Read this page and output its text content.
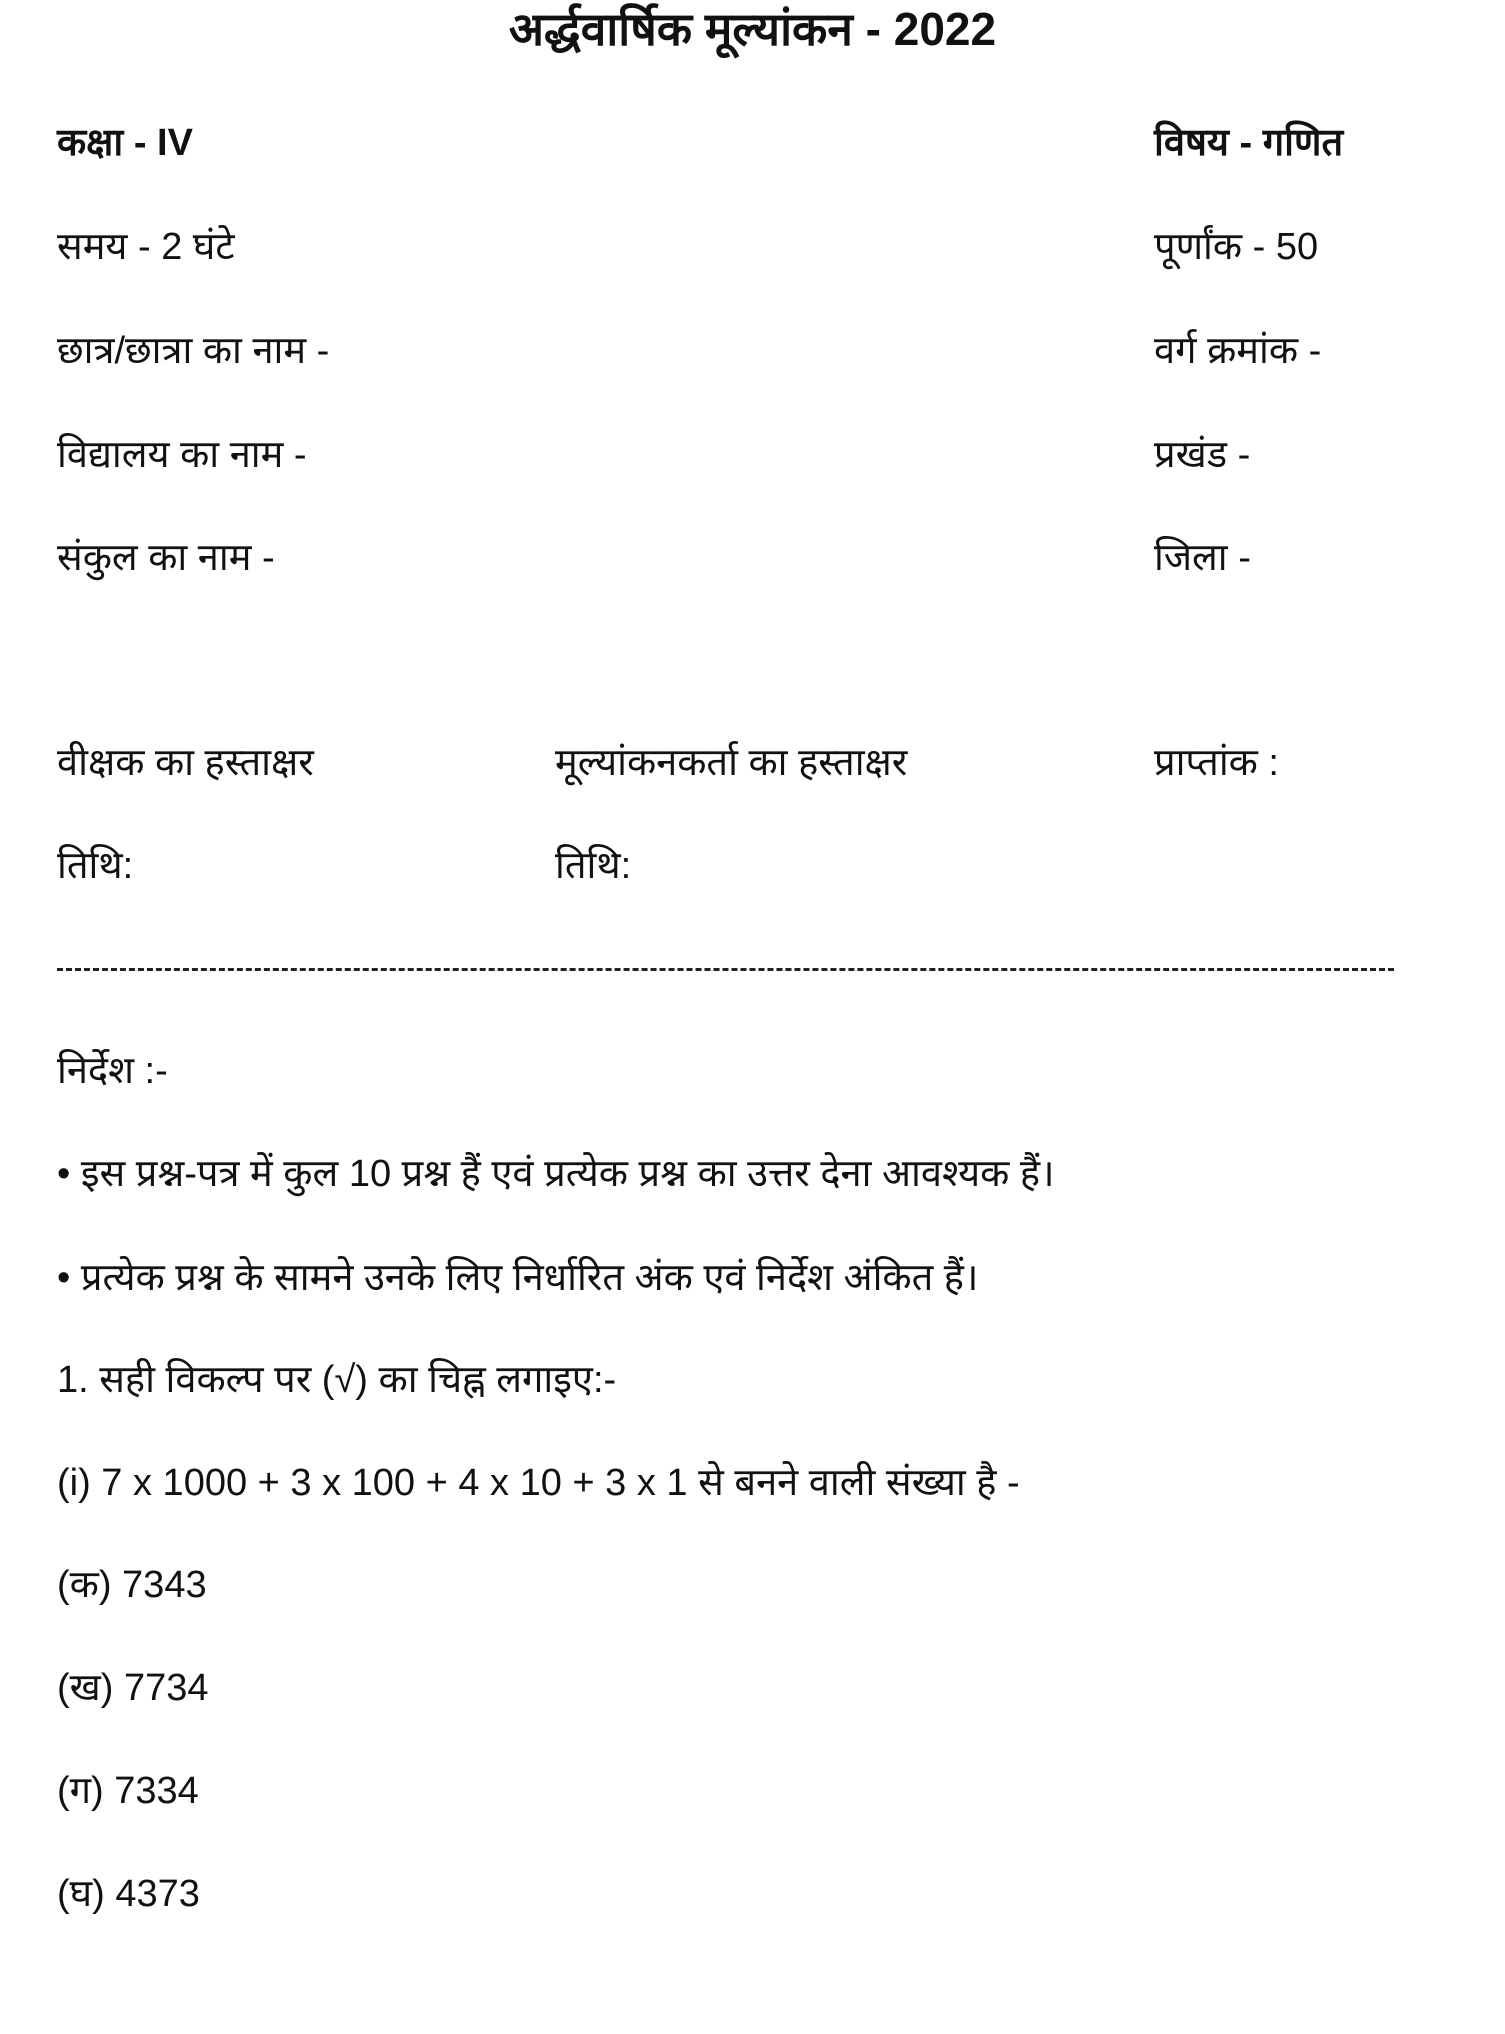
अर्द्धवार्षिक मूल्यांकन - 2022
कक्षा - IV	विषय - गणित
समय - 2 घंटे	पूर्णांक - 50
छात्र/छात्रा का नाम -	वर्ग क्रमांक -
विद्यालय का नाम -	प्रखंड -
संकुल का नाम -	जिला -
वीक्षक का हस्ताक्षर	मूल्यांकनकर्ता का हस्ताक्षर	प्राप्तांक :
तिथि:	तिथि:
निर्देश :-
• इस प्रश्न-पत्र में कुल 10 प्रश्न हैं एवं प्रत्येक प्रश्न का उत्तर देना आवश्यक हैं।
• प्रत्येक प्रश्न के सामने उनके लिए निर्धारित अंक एवं निर्देश अंकित हैं।
1. सही विकल्प पर (√) का चिह्न लगाइए:-
(i) 7 x 1000 + 3 x 100 + 4 x 10 + 3 x 1 से बनने वाली संख्या है -
(क) 7343
(ख) 7734
(ग) 7334
(घ) 4373
